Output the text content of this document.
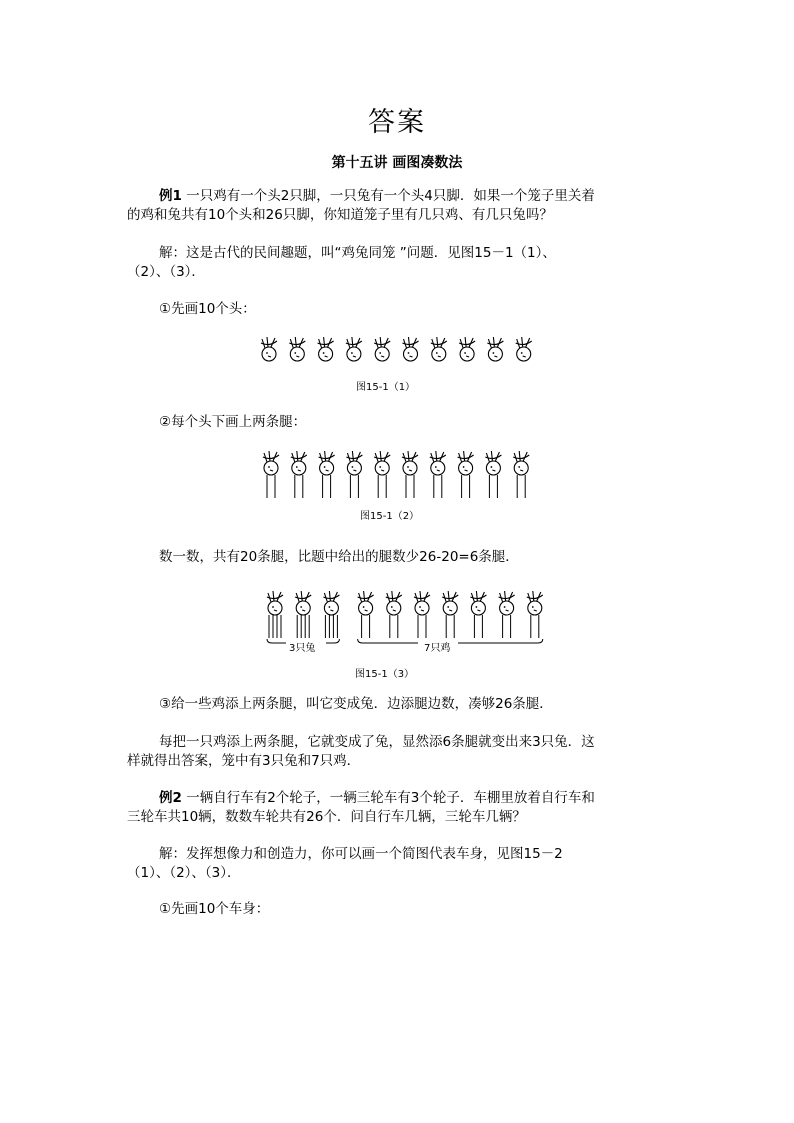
答案
第十五讲 画图凑数法
例1 一只鸡有一个头2只脚，一只兔有一个头4只脚．如果一个笼子里关着
的鸡和兔共有10个头和26只脚，你知道笼子里有几只鸡、有几只兔吗？
解：这是古代的民间趣题，叫“鸡兔同笼 ”问题．见图15－1（1）、
（2）、（3）．
①先画10个头：
图15-1（1）
②每个头下画上两条腿：
图15-1（2）
数一数，共有20条腿，比题中给出的腿数少26-20=6条腿．
3只兔	7只鸡
图15-1（3）
③给一些鸡添上两条腿，叫它变成兔．边添腿边数，凑够26条腿．
每把一只鸡添上两条腿，它就变成了兔，显然添6条腿就变出来3只兔．这
样就得出答案，笼中有3只兔和7只鸡．
例2 一辆自行车有2个轮子，一辆三轮车有3个轮子．车棚里放着自行车和
三轮车共10辆，数数车轮共有26个．问自行车几辆，三轮车几辆？
解：发挥想像力和创造力，你可以画一个简图代表车身，见图15－2
（1）、（2）、（3）．
①先画10个车身：
